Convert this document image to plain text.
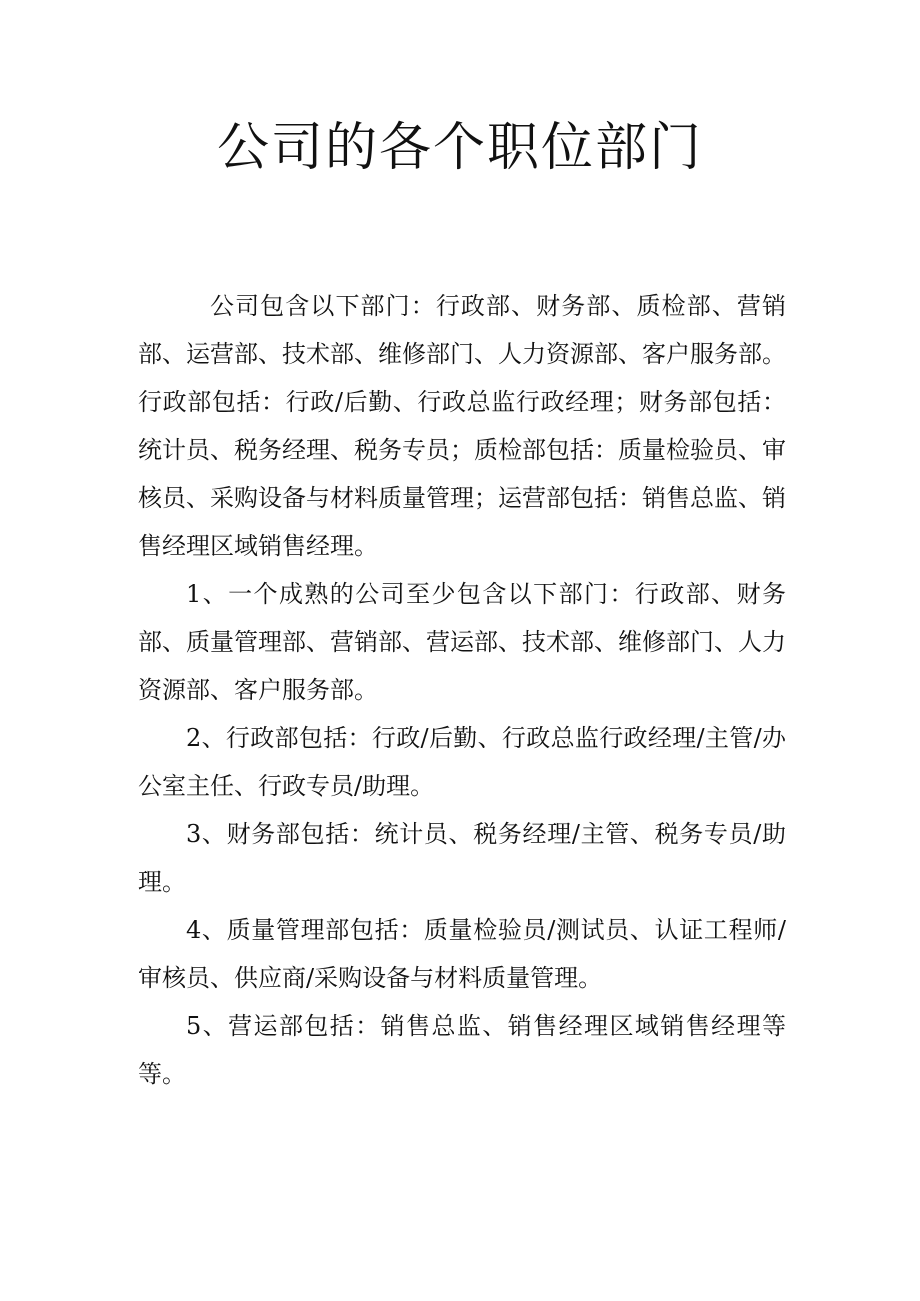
公司的各个职位部门

公司包含以下部门：行政部、财务部、质检部、营销部、运营部、技术部、维修部门、人力资源部、客户服务部。行政部包括：行政/后勤、行政总监行政经理；财务部包括：统计员、税务经理、税务专员；质检部包括：质量检验员、审核员、采购设备与材料质量管理；运营部包括：销售总监、销售经理区域销售经理。

1、一个成熟的公司至少包含以下部门：行政部、财务部、质量管理部、营销部、营运部、技术部、维修部门、人力资源部、客户服务部。

2、行政部包括：行政/后勤、行政总监行政经理/主管/办公室主任、行政专员/助理。

3、财务部包括：统计员、税务经理/主管、税务专员/助理。

4、质量管理部包括：质量检验员/测试员、认证工程师/审核员、供应商/采购设备与材料质量管理。

5、营运部包括：销售总监、销售经理区域销售经理等等。
